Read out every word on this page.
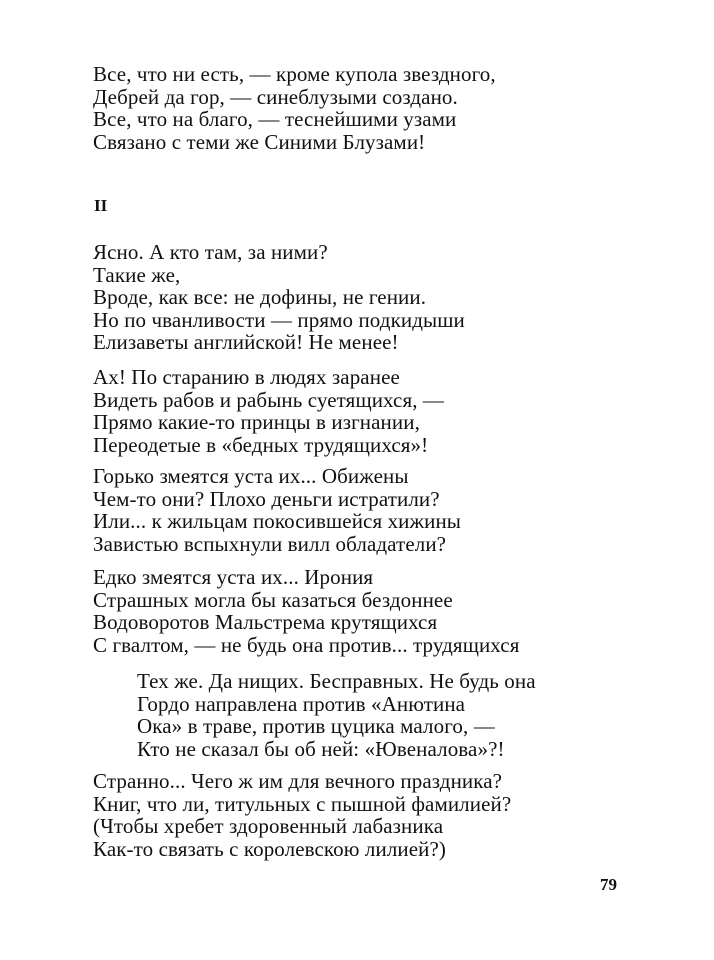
Все, что ни есть, — кроме купола звездного,
Дебрей да гор, — синеблузыми создано.
Все, что на благо, — теснейшими узами
Связано с теми же Синими Блузами!
II
Ясно. А кто там, за ними?
Такие же,
Вроде, как все: не дофины, не гении.
Но по чванливости — прямо подкидыши
Елизаветы английской! Не менее!
Ах! По старанию в людях заранее
Видеть рабов и рабынь суетящихся, —
Прямо какие-то принцы в изгнании,
Переодетые в «бедных трудящихся»!
Горько змеятся уста их... Обижены
Чем-то они? Плохо деньги истратили?
Или... к жильцам покосившейся хижины
Завистью вспыхнули вилл обладатели?
Едко змеятся уста их... Ирония
Страшных могла бы казаться бездоннее
Водоворотов Мальстрема крутящихся
С гвалтом, — не будь она против... трудящихся
Тех же. Да нищих. Бесправных. Не будь она
Гордо направлена против «Анютина
Ока» в траве, против цуцика малого, —
Кто не сказал бы об ней: «Ювеналова»?!
Странно... Чего ж им для вечного праздника?
Книг, что ли, титульных с пышной фамилией?
(Чтобы хребет здоровенный лабазника
Как-то связать с королевскою лилией?)
79
